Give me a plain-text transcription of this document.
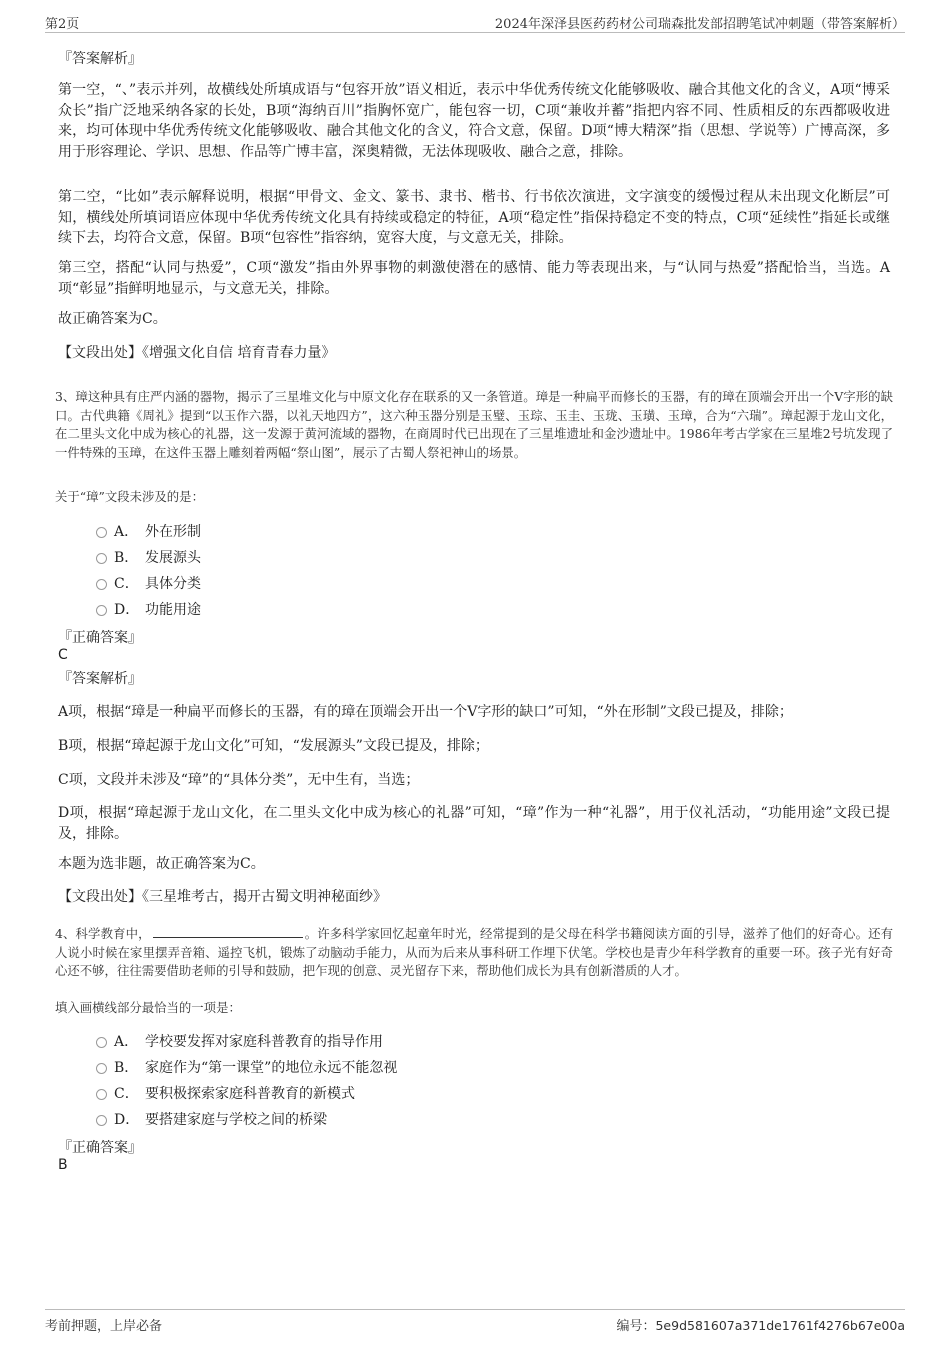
第2页	2024年深泽县医药药材公司瑞森批发部招聘笔试冲刺题（带答案解析）
『答案解析』

第一空，“、”表示并列，故横线处所填成语与“包容开放”语义相近，表示中华优秀传统文化能够吸收、融合其他文化的含义，A项“博采众长”指广泛地采纳各家的长处，B项“海纳百川”指胸怀宽广，能包容一切，C项“兼收并蓄”指把内容不同、性质相反的东西都吸收进来，均可体现中华优秀传统文化能够吸收、融合其他文化的含义，符合文意，保留。D项“博大精深”指（思想、学说等）广博高深，多用于形容理论、学识、思想、作品等广博丰富，深奥精微，无法体现吸收、融合之意，排除。

第二空，“比如”表示解释说明，根据“甲骨文、金文、篆书、隶书、楷书、行书依次演进，文字演变的缓慢过程从未出现文化断层”可知，横线处所填词语应体现中华优秀传统文化具有持续或稳定的特征，A项“稳定性”指保持稳定不变的特点，C项“延续性”指延长或继续下去，均符合文意，保留。B项“包容性”指容纳，宽容大度，与文意无关，排除。

第三空，搭配“认同与热爱”，C项“激发”指由外界事物的刺激使潜在的感情、能力等表现出来，与“认同与热爱”搭配恰当，当选。A项“彰显”指鲜明地显示，与文意无关，排除。

故正确答案为C。

【文段出处】《增强文化自信 培育青春力量》

3、璋这种具有庄严内涵的器物，揭示了三星堆文化与中原文化存在联系的又一条管道。璋是一种扁平而修长的玉器，有的璋在顶端会开出一个V字形的缺口。古代典籍《周礼》提到“以玉作六器，以礼天地四方”，这六种玉器分别是玉璧、玉琮、玉圭、玉珑、玉璜、玉璋，合为“六瑞”。璋起源于龙山文化，在二里头文化中成为核心的礼器，这一发源于黄河流域的器物，在商周时代已出现在了三星堆遗址和金沙遗址中。1986年考古学家在三星堆2号坑发现了一件特殊的玉璋，在这件玉器上雕刻着两幅“祭山图”，展示了古蜀人祭祀神山的场景。

关于“璋”文段未涉及的是：
A． 外在形制
B． 发展源头
C． 具体分类
D． 功能用途
『正确答案』
C
『答案解析』

A项，根据“璋是一种扁平而修长的玉器，有的璋在顶端会开出一个V字形的缺口”可知，“外在形制”文段已提及，排除；

B项，根据“璋起源于龙山文化”可知，“发展源头”文段已提及，排除；

C项，文段并未涉及“璋”的“具体分类”，无中生有，当选；

D项，根据“璋起源于龙山文化，在二里头文化中成为核心的礼器”可知，“璋”作为一种“礼器”，用于仪礼活动，“功能用途”文段已提及，排除。

本题为选非题，故正确答案为C。

【文段出处】《三星堆考古，揭开古蜀文明神秘面纱》

4、科学教育中，	。许多科学家回忆起童年时光，经常提到的是父母在科学书籍阅读方面的引导，滋养了他们的好奇心。还有人说小时候在家里摆弄音箱、遥控飞机，锻炼了动脑动手能力，从而为后来从事科研工作埋下伏笔。学校也是青少年科学教育的重要一环。孩子光有好奇心还不够，往往需要借助老师的引导和鼓励，把乍现的创意、灵光留存下来，帮助他们成长为具有创新潜质的人才。

填入画横线部分最恰当的一项是：
A． 学校要发挥对家庭科普教育的指导作用
B． 家庭作为“第一课堂”的地位永远不能忽视
C． 要积极探索家庭科普教育的新模式
D． 要搭建家庭与学校之间的桥梁
『正确答案』
B
考前押题，上岸必备	编号：5e9d581607a371de1761f4276b67e00a
